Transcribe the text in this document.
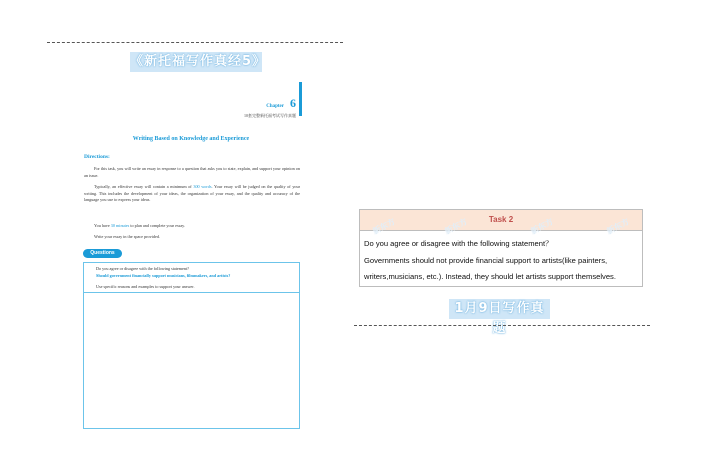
《新托福写作真经5》
Chapter 6
10套完整新托福考试写作真题
Writing Based on Knowledge and Experience
Directions:
For this task, you will write an essay in response to a question that asks you to state, explain, and support your opinion on an issue.
Typically, an effective essay will contain a minimum of 300 words. Your essay will be judged on the quality of your writing. This includes the development of your ideas, the organization of your essay, and the quality and accuracy of the language you use to express your ideas.
You have 30 minutes to plan and complete your essay.
Write your essay in the space provided.
Questions
Do you agree or disagree with the following statement?
Should government financially support musicians, filmmakers, and artists?
Use specific reasons and examples to support your answer.
Task 2
Do you agree or disagree with the following statement？
Governments should not provide financial support to artists(like painters,
writers,musicians, etc.). Instead, they should let artists support themselves.
新东方	新东方	新东方	新东方
1月9日写作真题
